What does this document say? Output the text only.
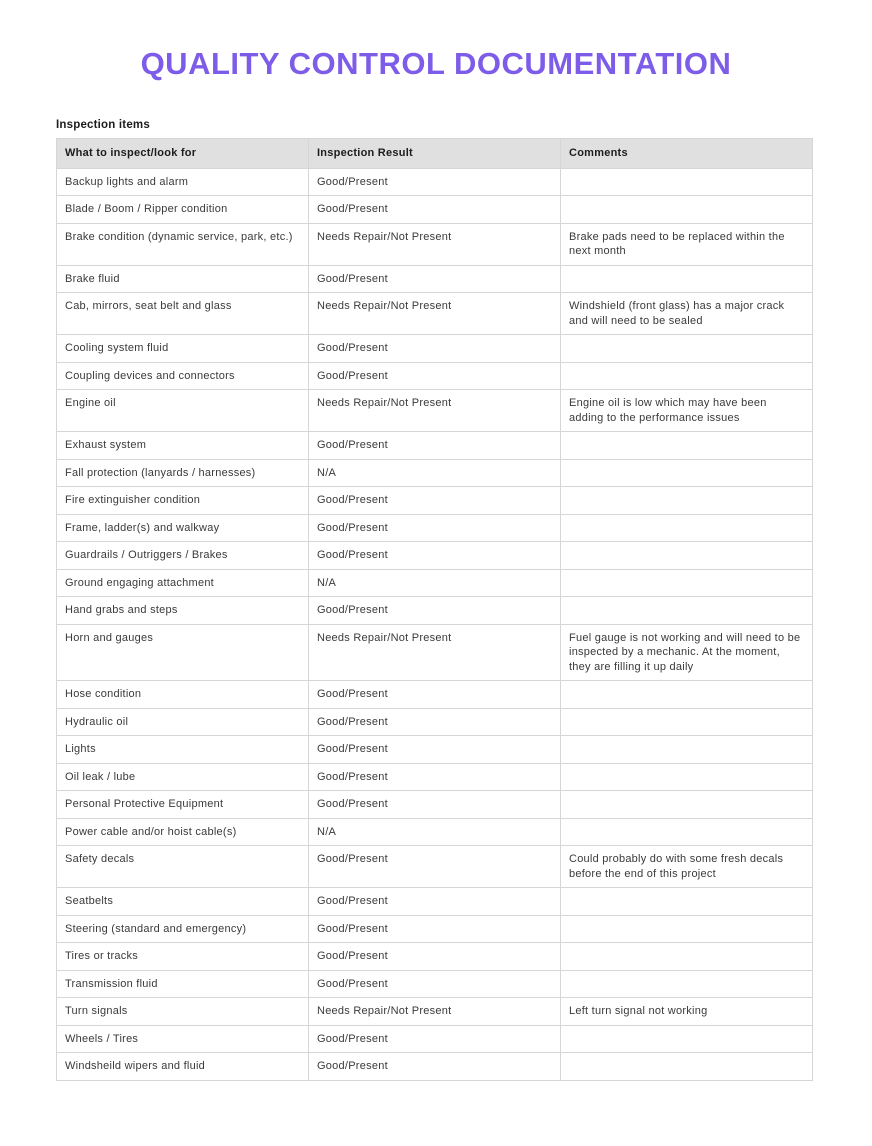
QUALITY CONTROL DOCUMENTATION
Inspection items
What to inspect/look for	Inspection Result	Comments
Backup lights and alarm	Good/Present	
Blade / Boom / Ripper condition	Good/Present	
Brake condition (dynamic service, park, etc.)	Needs Repair/Not Present	Brake pads need to be replaced within the next month
Brake fluid	Good/Present	
Cab, mirrors, seat belt and glass	Needs Repair/Not Present	Windshield (front glass) has a major crack and will need to be sealed
Cooling system fluid	Good/Present	
Coupling devices and connectors	Good/Present	
Engine oil	Needs Repair/Not Present	Engine oil is low which may have been adding to the performance issues
Exhaust system	Good/Present	
Fall protection (lanyards / harnesses)	N/A	
Fire extinguisher condition	Good/Present	
Frame, ladder(s) and walkway	Good/Present	
Guardrails / Outriggers / Brakes	Good/Present	
Ground engaging attachment	N/A	
Hand grabs and steps	Good/Present	
Horn and gauges	Needs Repair/Not Present	Fuel gauge is not working and will need to be inspected by a mechanic. At the moment, they are filling it up daily
Hose condition	Good/Present	
Hydraulic oil	Good/Present	
Lights	Good/Present	
Oil leak / lube	Good/Present	
Personal Protective Equipment	Good/Present	
Power cable and/or hoist cable(s)	N/A	
Safety decals	Good/Present	Could probably do with some fresh decals before the end of this project
Seatbelts	Good/Present	
Steering (standard and emergency)	Good/Present	
Tires or tracks	Good/Present	
Transmission fluid	Good/Present	
Turn signals	Needs Repair/Not Present	Left turn signal not working
Wheels / Tires	Good/Present	
Windsheild wipers and fluid	Good/Present	
